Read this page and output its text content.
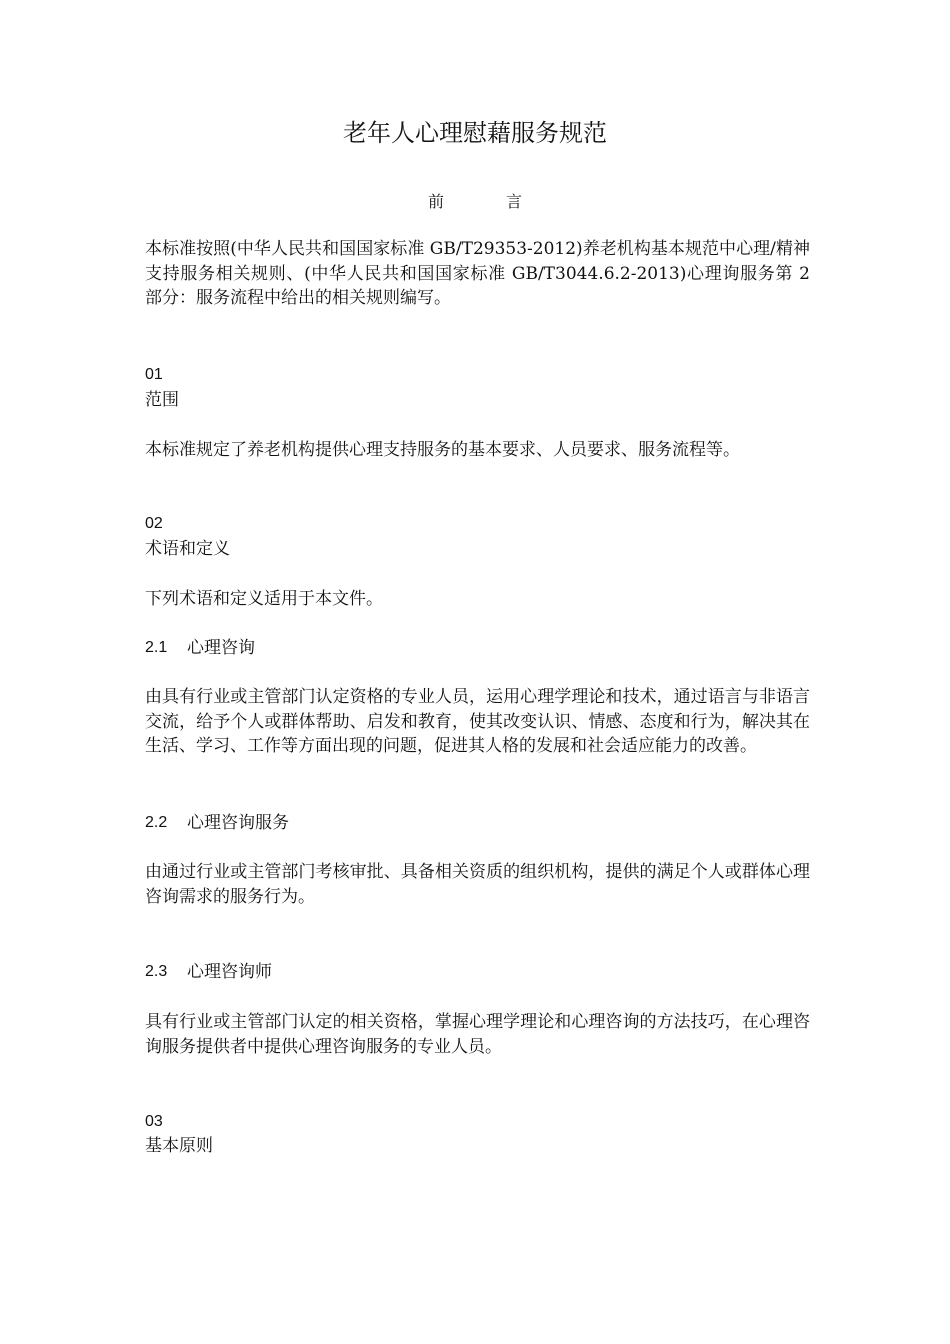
老年人心理慰藉服务规范
前	言

本标准按照(中华人民共和国国家标准 GB/T29353-2012)养老机构基本规范中心理/精神支持服务相关规则、(中华人民共和国国家标准 GB/T3044.6.2-2013)心理询服务第 2 部分：服务流程中给出的相关规则编写。

01
范围

本标准规定了养老机构提供心理支持服务的基本要求、人员要求、服务流程等。

02
术语和定义

下列术语和定义适用于本文件。

2.1	心理咨询

由具有行业或主管部门认定资格的专业人员，运用心理学理论和技术，通过语言与非语言交流，给予个人或群体帮助、启发和教育，使其改变认识、情感、态度和行为，解决其在生活、学习、工作等方面出现的问题，促进其人格的发展和社会适应能力的改善。

2.2	心理咨询服务

由通过行业或主管部门考核审批、具备相关资质的组织机构，提供的满足个人或群体心理咨询需求的服务行为。

2.3	心理咨询师

具有行业或主管部门认定的相关资格，掌握心理学理论和心理咨询的方法技巧，在心理咨询服务提供者中提供心理咨询服务的专业人员。

03
基本原则
